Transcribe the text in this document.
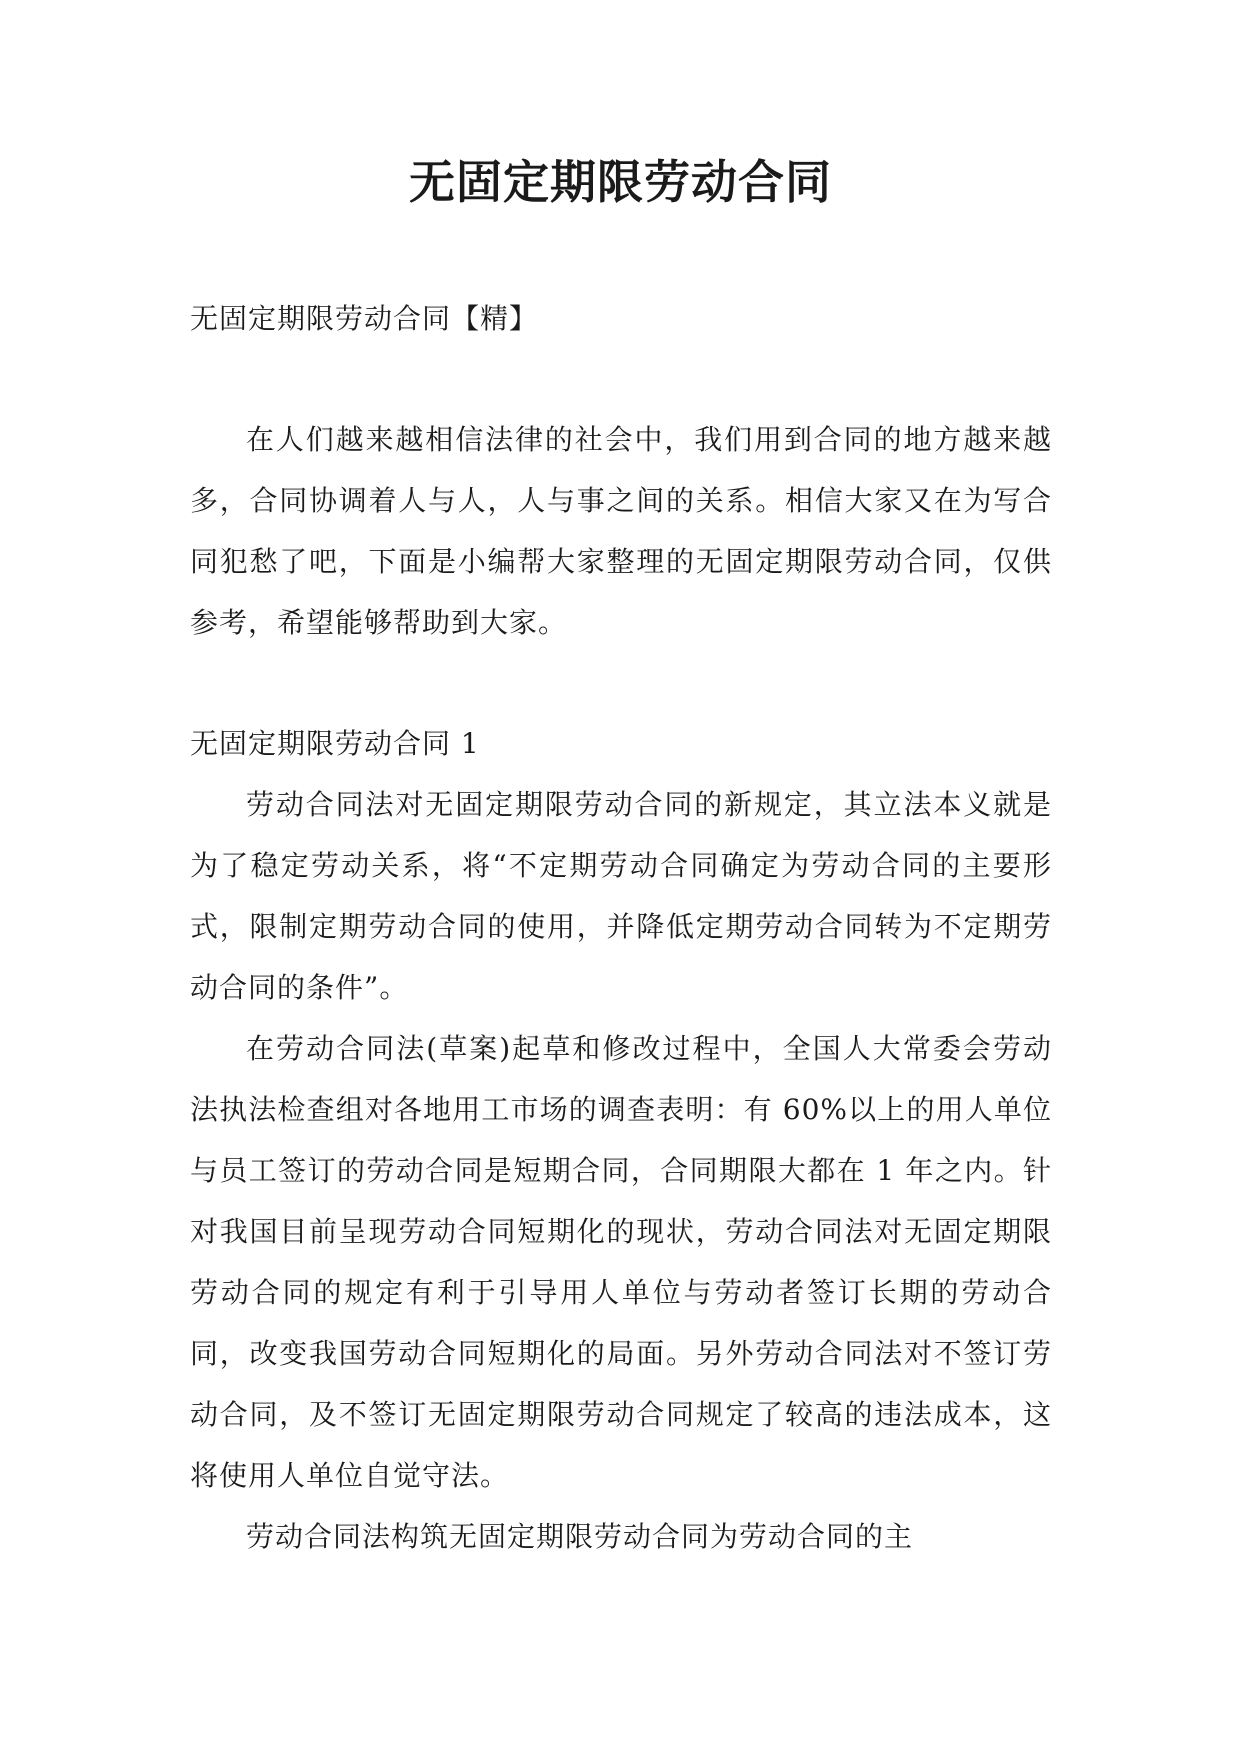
无固定期限劳动合同

无固定期限劳动合同【精】

在人们越来越相信法律的社会中，我们用到合同的地方越来越多，合同协调着人与人，人与事之间的关系。相信大家又在为写合同犯愁了吧，下面是小编帮大家整理的无固定期限劳动合同，仅供参考，希望能够帮助到大家。

无固定期限劳动合同 1

劳动合同法对无固定期限劳动合同的新规定，其立法本义就是为了稳定劳动关系，将“不定期劳动合同确定为劳动合同的主要形式，限制定期劳动合同的使用，并降低定期劳动合同转为不定期劳动合同的条件”。

在劳动合同法(草案)起草和修改过程中，全国人大常委会劳动法执法检查组对各地用工市场的调查表明：有 60%以上的用人单位与员工签订的劳动合同是短期合同，合同期限大都在 1 年之内。针对我国目前呈现劳动合同短期化的现状，劳动合同法对无固定期限劳动合同的规定有利于引导用人单位与劳动者签订长期的劳动合同，改变我国劳动合同短期化的局面。另外劳动合同法对不签订劳动合同，及不签订无固定期限劳动合同规定了较高的违法成本，这将使用人单位自觉守法。

劳动合同法构筑无固定期限劳动合同为劳动合同的主
